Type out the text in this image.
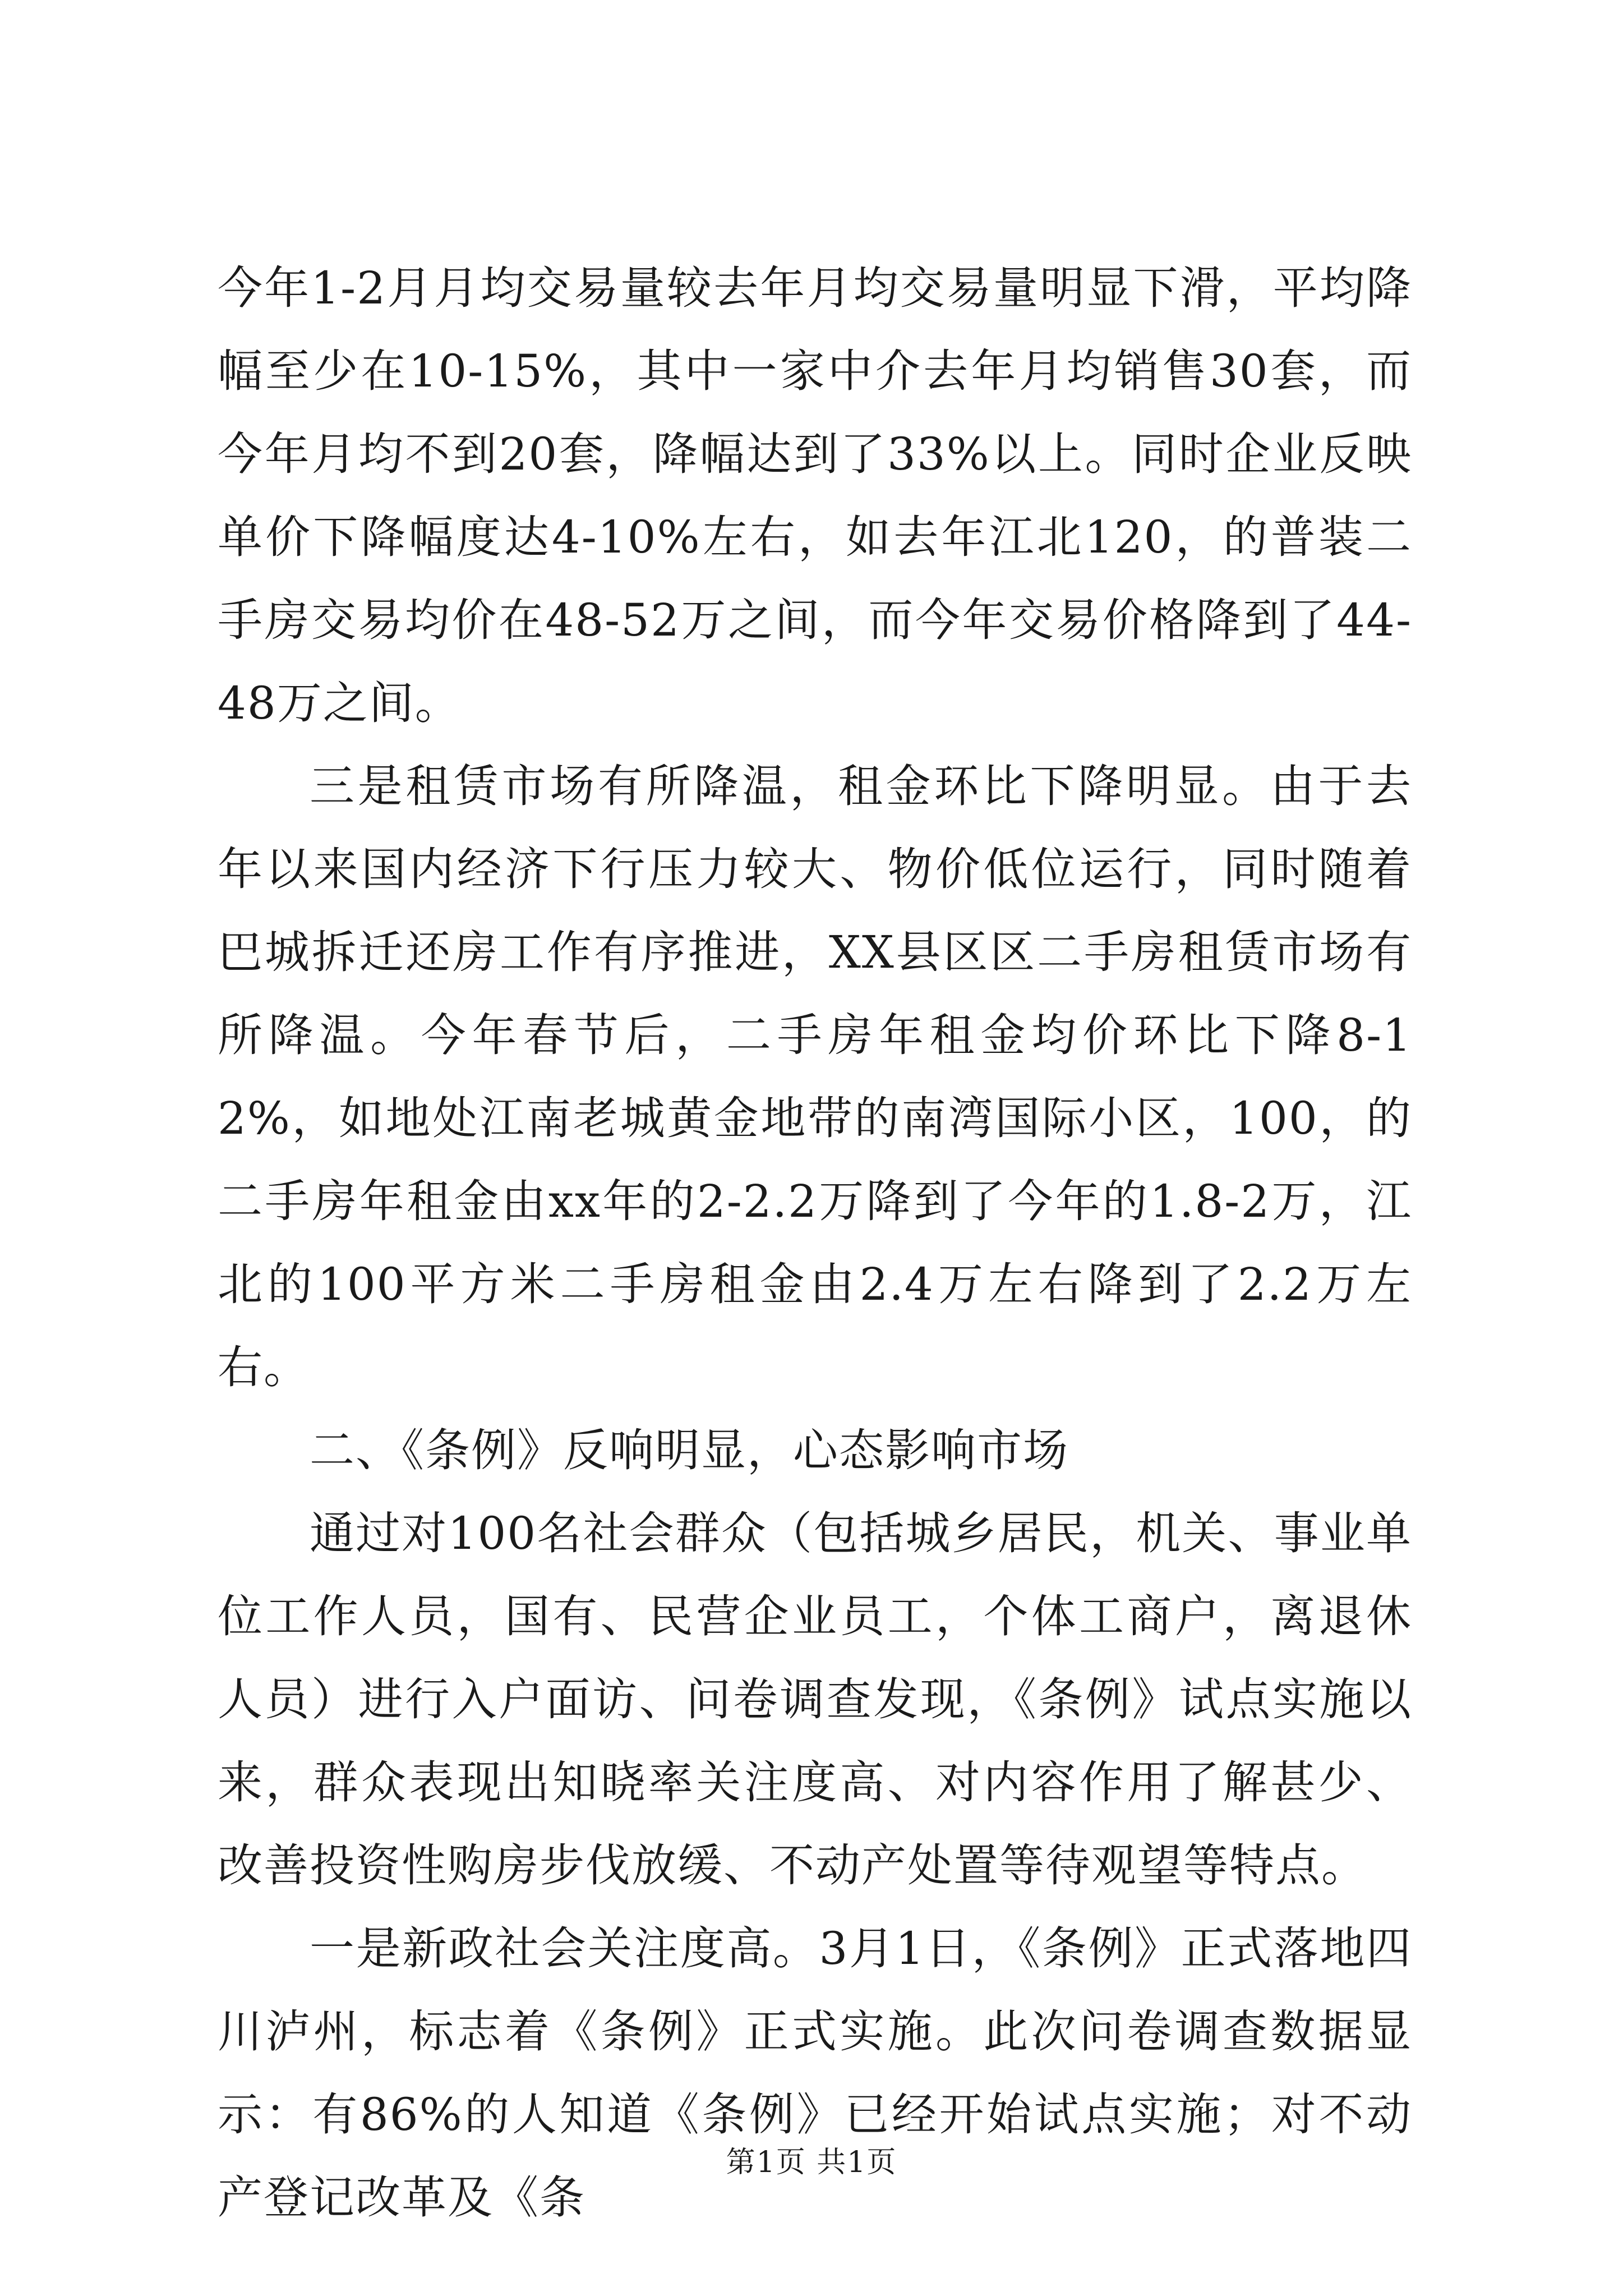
今年1-2月月均交易量较去年月均交易量明显下滑，平均降幅至少在10-15%，其中一家中介去年月均销售30套，而今年月均不到20套，降幅达到了33%以上。同时企业反映单价下降幅度达4-10%左右，如去年江北120，的普装二手房交易均价在48-52万之间，而今年交易价格降到了44-48万之间。

三是租赁市场有所降温，租金环比下降明显。由于去年以来国内经济下行压力较大、物价低位运行，同时随着巴城拆迁还房工作有序推进，XX县区区二手房租赁市场有所降温。今年春节后，二手房年租金均价环比下降8-12%，如地处江南老城黄金地带的南湾国际小区，100，的二手房年租金由xx年的2-2.2万降到了今年的1.8-2万，江北的100平方米二手房租金由2.4万左右降到了2.2万左右。

二、《条例》反响明显，心态影响市场

通过对100名社会群众（包括城乡居民，机关、事业单位工作人员，国有、民营企业员工，个体工商户，离退休人员）进行入户面访、问卷调查发现，《条例》试点实施以来，群众表现出知晓率关注度高、对内容作用了解甚少、改善投资性购房步伐放缓、不动产处置等待观望等特点。

一是新政社会关注度高。3月1日，《条例》正式落地四川泸州，标志着《条例》正式实施。此次问卷调查数据显示：有86%的人知道《条例》已经开始试点实施；对不动产登记改革及《条

第1页 共1页
